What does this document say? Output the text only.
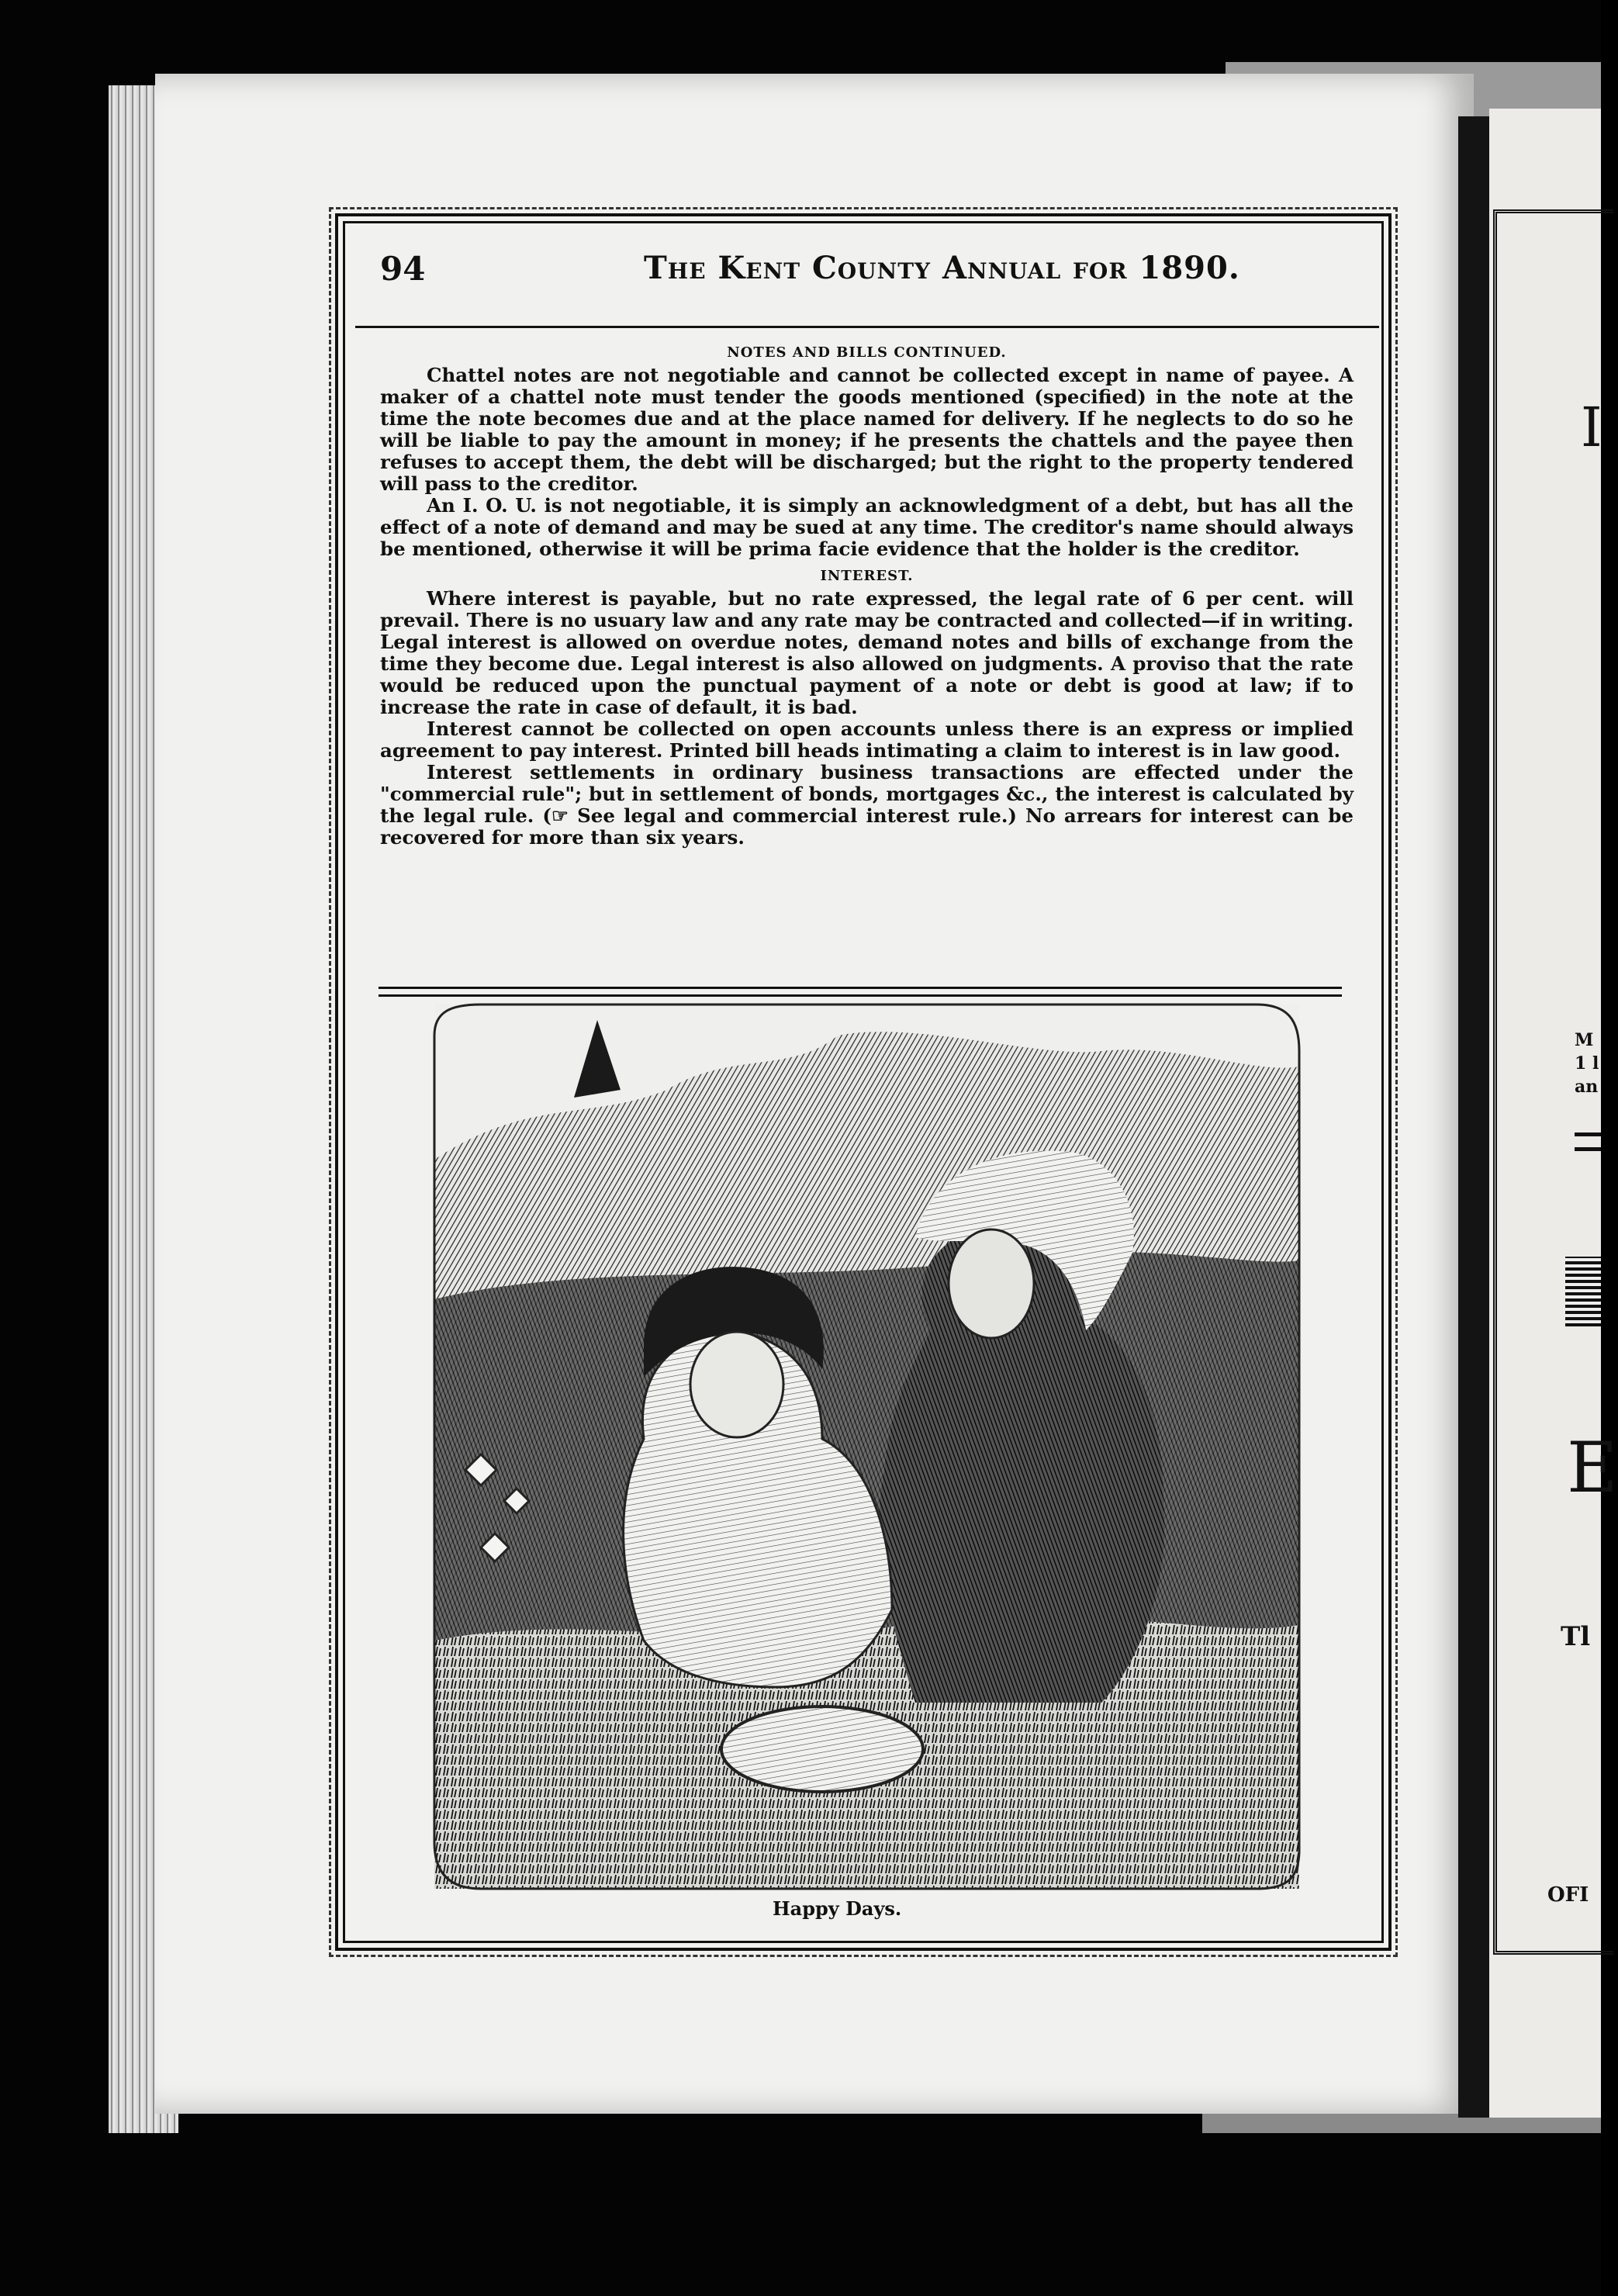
I
M
1 l
an
E
Tl
OFI
94	The Kent County Annual for 1890.
NOTES AND BILLS CONTINUED.

Chattel notes are not negotiable and cannot be collected except in name of payee. A maker of a chattel note must tender the goods mentioned (specified) in the note at the time the note becomes due and at the place named for delivery. If he neglects to do so he will be liable to pay the amount in money; if he presents the chattels and the payee then refuses to accept them, the debt will be discharged; but the right to the property tendered will pass to the creditor.

An I. O. U. is not negotiable, it is simply an acknowledgment of a debt, but has all the effect of a note of demand and may be sued at any time. The creditor's name should always be mentioned, otherwise it will be prima facie evidence that the holder is the creditor.

INTEREST.

Where interest is payable, but no rate expressed, the legal rate of 6 per cent. will prevail. There is no usuary law and any rate may be contracted and collected—if in writing. Legal interest is allowed on overdue notes, demand notes and bills of exchange from the time they become due. Legal interest is also allowed on judgments. A proviso that the rate would be reduced upon the punctual payment of a note or debt is good at law; if to increase the rate in case of default, it is bad.

Interest cannot be collected on open accounts unless there is an express or implied agreement to pay interest. Printed bill heads intimating a claim to interest is in law good.

Interest settlements in ordinary business transactions are effected under the "commercial rule"; but in settlement of bonds, mortgages &c., the interest is calculated by the legal rule. (☞ See legal and commercial interest rule.) No arrears for interest can be recovered for more than six years.

Happy Days.
